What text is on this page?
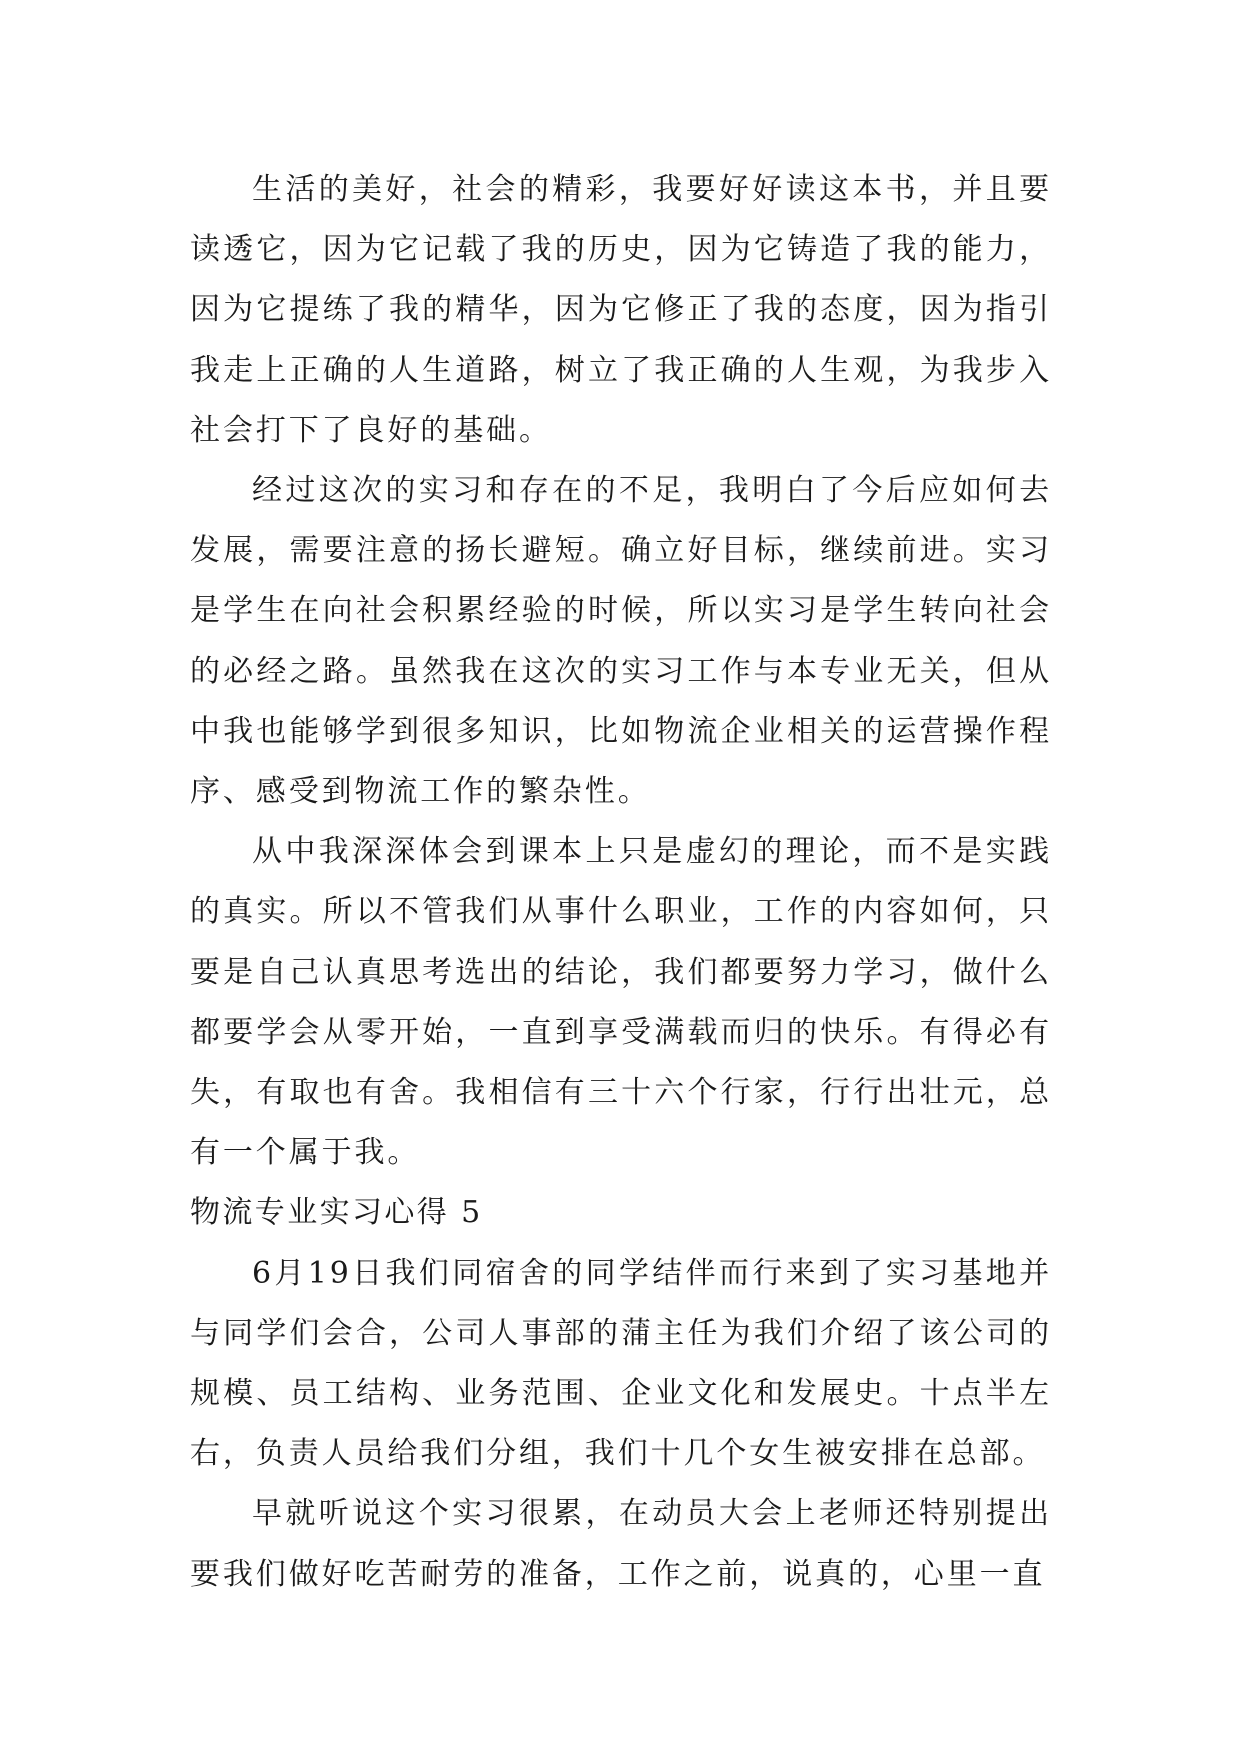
生活的美好，社会的精彩，我要好好读这本书，并且要读透它，因为它记载了我的历史，因为它铸造了我的能力，因为它提练了我的精华，因为它修正了我的态度，因为指引我走上正确的人生道路，树立了我正确的人生观，为我步入社会打下了良好的基础。

经过这次的实习和存在的不足，我明白了今后应如何去发展，需要注意的扬长避短。确立好目标，继续前进。实习是学生在向社会积累经验的时候，所以实习是学生转向社会的必经之路。虽然我在这次的实习工作与本专业无关，但从中我也能够学到很多知识，比如物流企业相关的运营操作程序、感受到物流工作的繁杂性。

从中我深深体会到课本上只是虚幻的理论，而不是实践的真实。所以不管我们从事什么职业，工作的内容如何，只要是自己认真思考选出的结论，我们都要努力学习，做什么都要学会从零开始，一直到享受满载而归的快乐。有得必有失，有取也有舍。我相信有三十六个行家，行行出壮元，总有一个属于我。

物流专业实习心得 5

6月19日我们同宿舍的同学结伴而行来到了实习基地并与同学们会合，公司人事部的蒲主任为我们介绍了该公司的规模、员工结构、业务范围、企业文化和发展史。十点半左右，负责人员给我们分组，我们十几个女生被安排在总部。

早就听说这个实习很累，在动员大会上老师还特别提出要我们做好吃苦耐劳的准备，工作之前，说真的，心里一直
